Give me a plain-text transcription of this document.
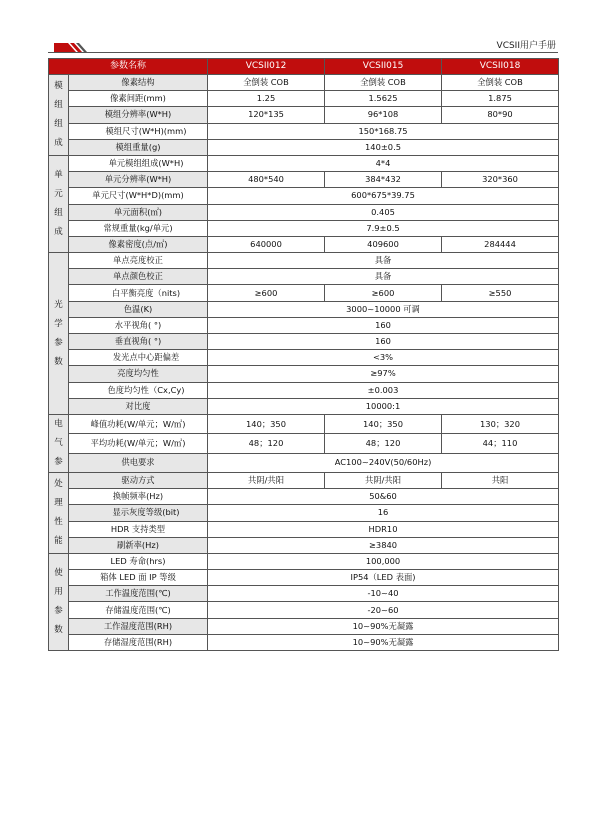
VCSII用户手册
参数名称		VCSII012	VCSII015	VCSII018
模
组
组
成	像素结构	全倒装 COB	全倒装 COB	全倒装 COB
	像素间距(mm)	1.25	1.5625	1.875
	模组分辨率(W*H)	120*135	96*108	80*90
	模组尺寸(W*H)(mm)	150*168.75		
	模组重量(g)	140±0.5		
单
元
组
成	单元模组组成(W*H)	4*4		
	单元分辨率(W*H)	480*540	384*432	320*360
	单元尺寸(W*H*D)(mm)	600*675*39.75		
	单元面积(㎡)	0.405		
	常规重量(kg/单元)	7.9±0.5		
	像素密度(点/㎡)	640000	409600	284444
光
学
参
数	单点亮度校正	具备		
	单点颜色校正	具备		
	白平衡亮度（nits)	≥600	≥600	≥550
	色温(K)	3000~10000 可调		
	水平视角( °)	160		
	垂直视角( °)	160		
	发光点中心距偏差	<3%		
	亮度均匀性	≥97%		
	色度均匀性（Cx,Cy)	±0.003		
	对比度	10000:1		
电
气
参	峰值功耗(W/单元；W/㎡)	140；350	140；350	130；320
	平均功耗(W/单元；W/㎡)	48；120	48；120	44；110
	供电要求	AC100~240V(50/60Hz)		
处
理
性
能	驱动方式	共阴/共阳	共阴/共阳	共阳
	换帧频率(Hz)	50&60		
	显示灰度等级(bit)	16		
	HDR 支持类型	HDR10		
	刷新率(Hz)	≥3840		
使
用
参
数	LED 寿命(hrs)	100,000		
	箱体 LED 面 IP 等级	IP54（LED 表面)		
	工作温度范围(℃)	-10~40		
	存储温度范围(℃)	-20~60		
	工作湿度范围(RH)	10~90%无凝露		
	存储湿度范围(RH)	10~90%无凝露		
